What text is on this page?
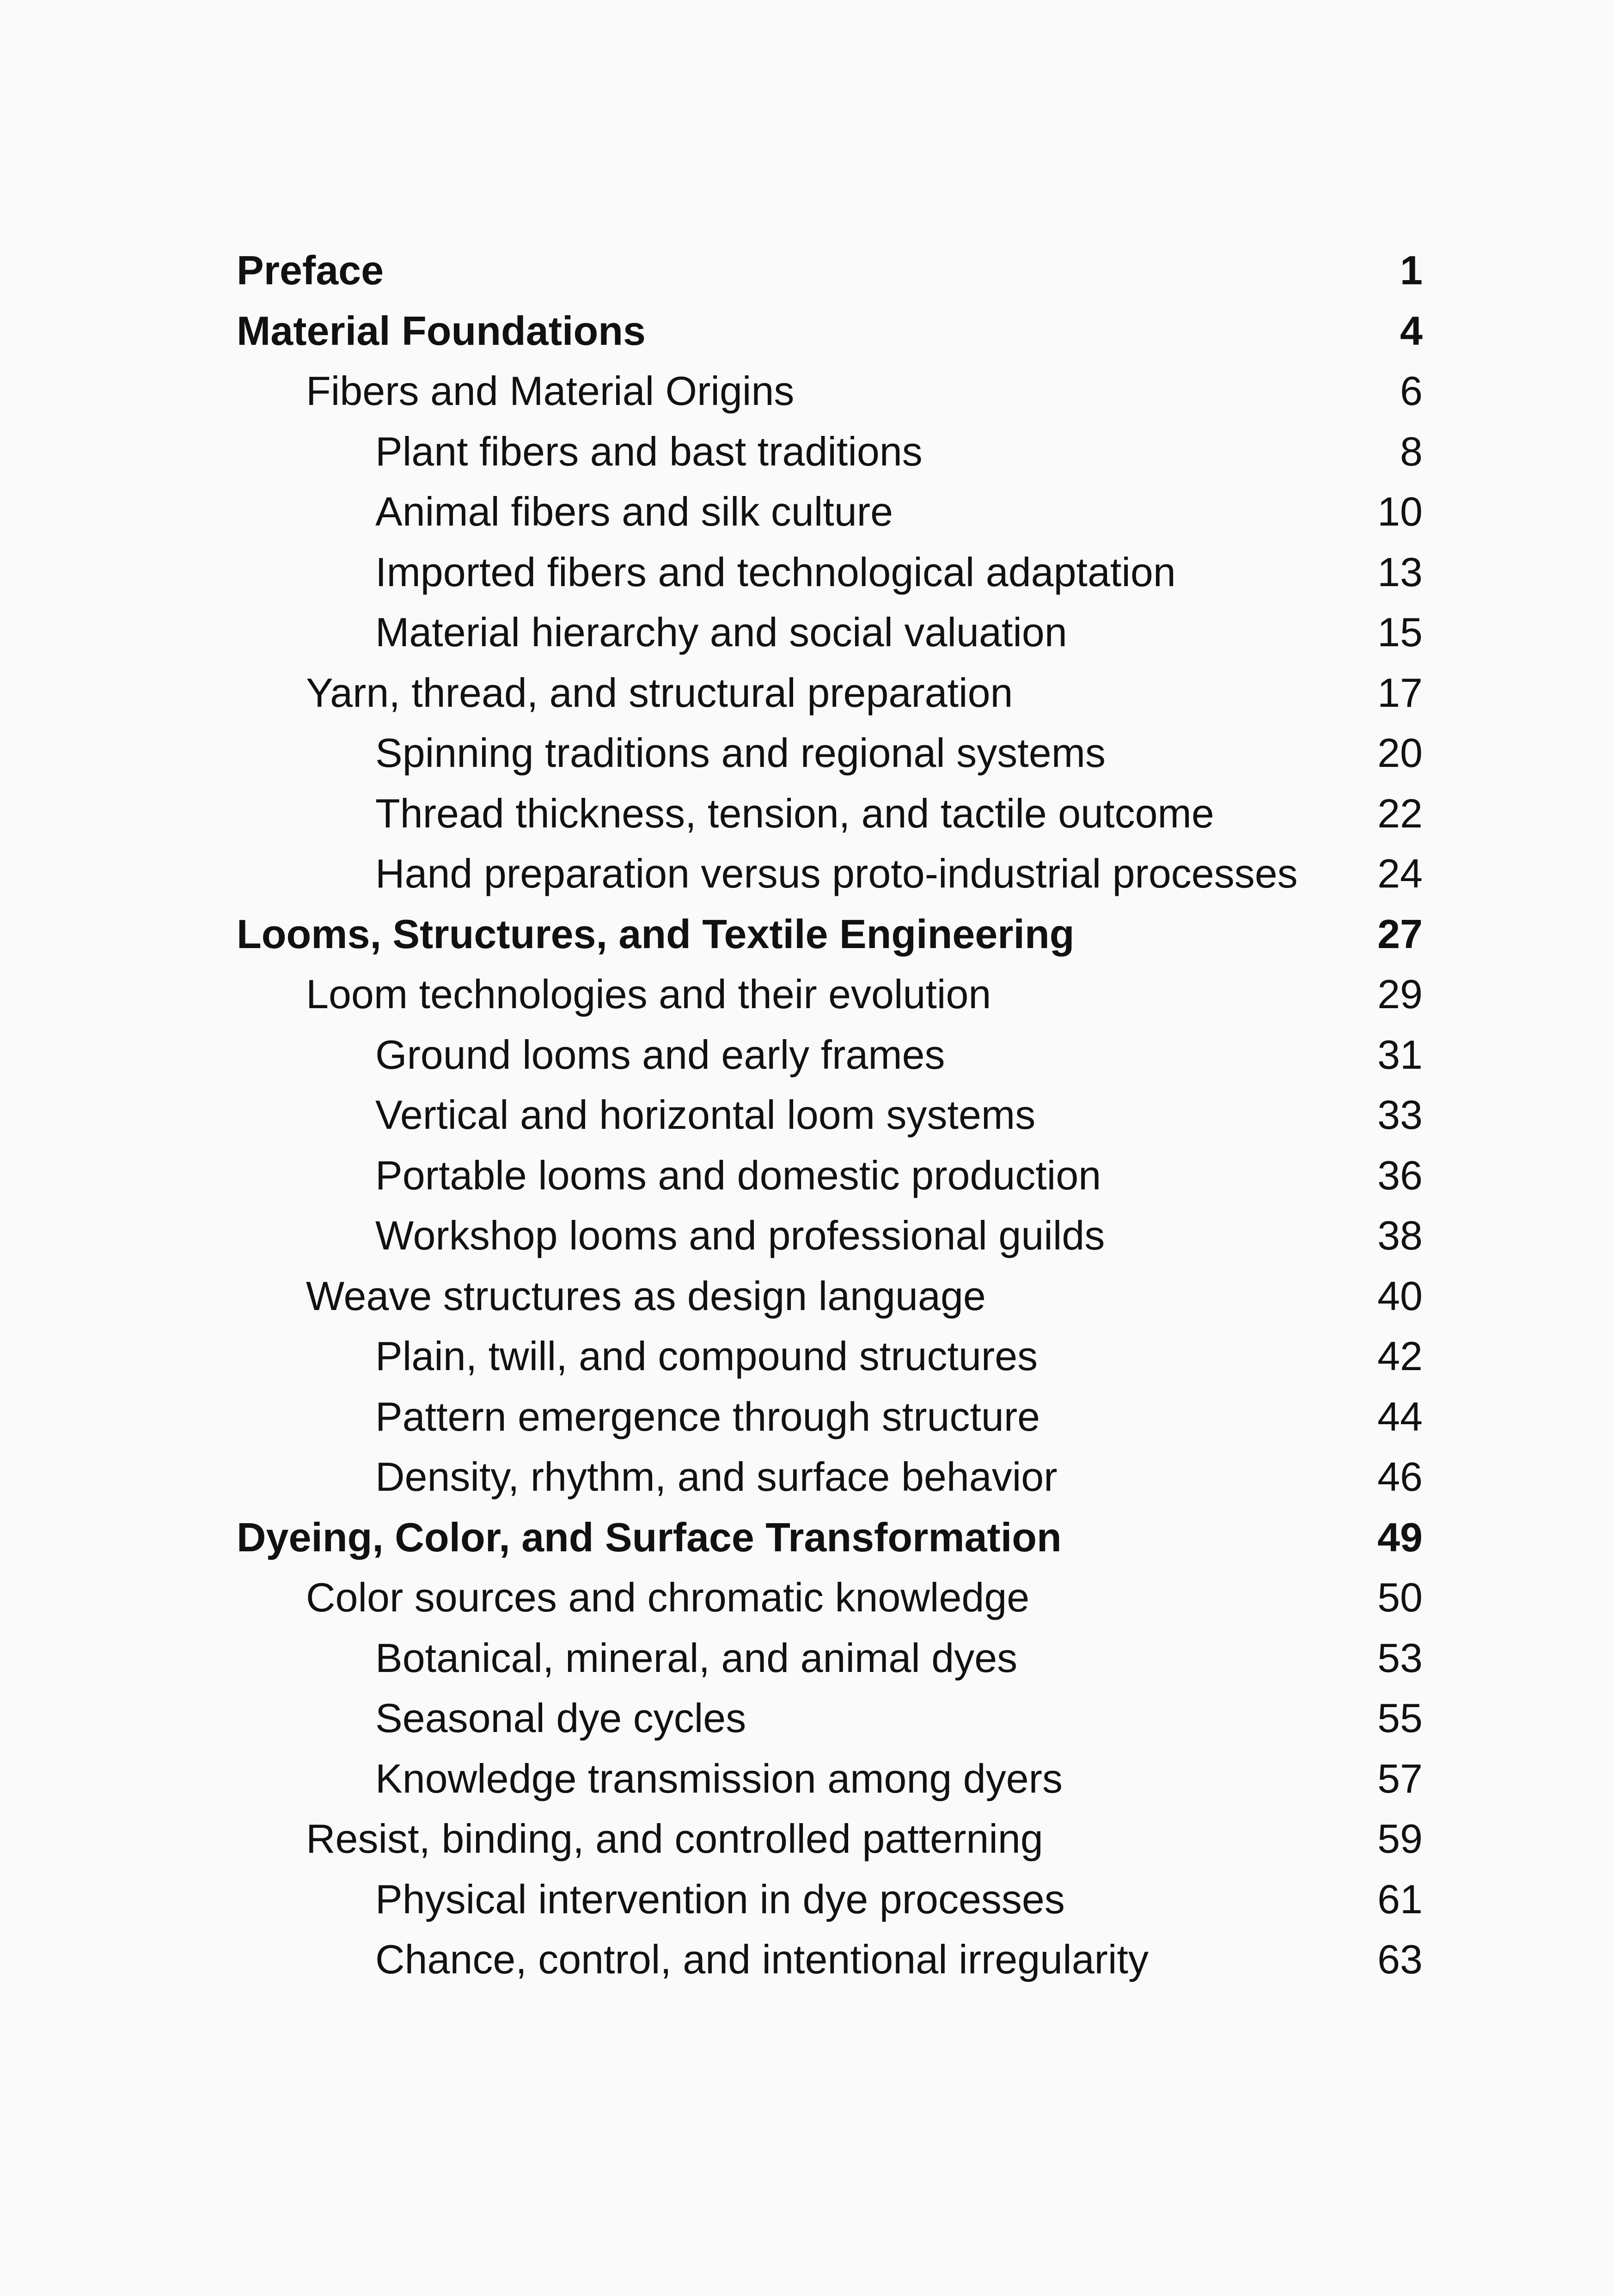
Preface	1
Material Foundations	4
Fibers and Material Origins	6
Plant fibers and bast traditions	8
Animal fibers and silk culture	10
Imported fibers and technological adaptation	13
Material hierarchy and social valuation	15
Yarn, thread, and structural preparation	17
Spinning traditions and regional systems	20
Thread thickness, tension, and tactile outcome	22
Hand preparation versus proto-industrial processes 24
Looms, Structures, and Textile Engineering	27
Loom technologies and their evolution	29
Ground looms and early frames	31
Vertical and horizontal loom systems	33
Portable looms and domestic production	36
Workshop looms and professional guilds	38
Weave structures as design language	40
Plain, twill, and compound structures	42
Pattern emergence through structure	44
Density, rhythm, and surface behavior	46
Dyeing, Color, and Surface Transformation	49
Color sources and chromatic knowledge	50
Botanical, mineral, and animal dyes	53
Seasonal dye cycles	55
Knowledge transmission among dyers	57
Resist, binding, and controlled patterning	59
Physical intervention in dye processes	61
Chance, control, and intentional irregularity	63
